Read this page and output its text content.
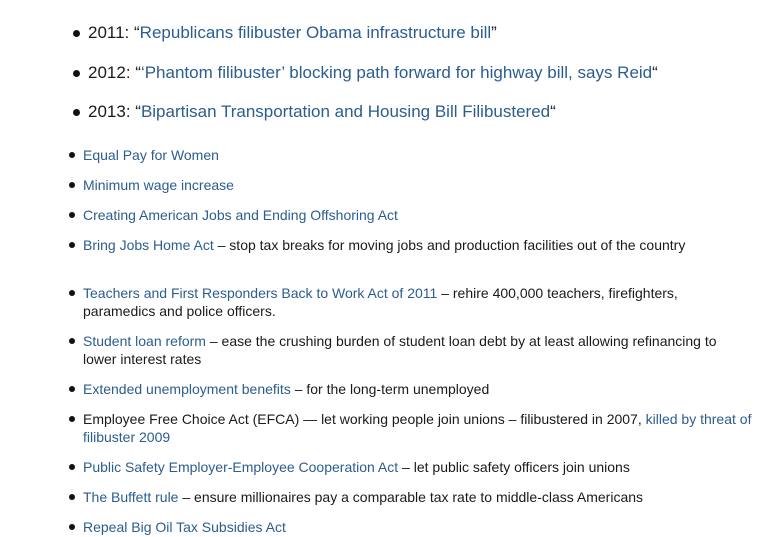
2011: “Republicans filibuster Obama infrastructure bill”
2012: “‘Phantom filibuster’ blocking path forward for highway bill, says Reid“
2013: “Bipartisan Transportation and Housing Bill Filibustered“
Equal Pay for Women
Minimum wage increase
Creating American Jobs and Ending Offshoring Act
Bring Jobs Home Act – stop tax breaks for moving jobs and production facilities out of the country
Teachers and First Responders Back to Work Act of 2011 – rehire 400,000 teachers, firefighters, paramedics and police officers.
Student loan reform – ease the crushing burden of student loan debt by at least allowing refinancing to lower interest rates
Extended unemployment benefits – for the long-term unemployed
Employee Free Choice Act (EFCA) — let working people join unions – filibustered in 2007, killed by threat of filibuster 2009
Public Safety Employer-Employee Cooperation Act – let public safety officers join unions
The Buffett rule – ensure millionaires pay a comparable tax rate to middle-class Americans
Repeal Big Oil Tax Subsidies Act
